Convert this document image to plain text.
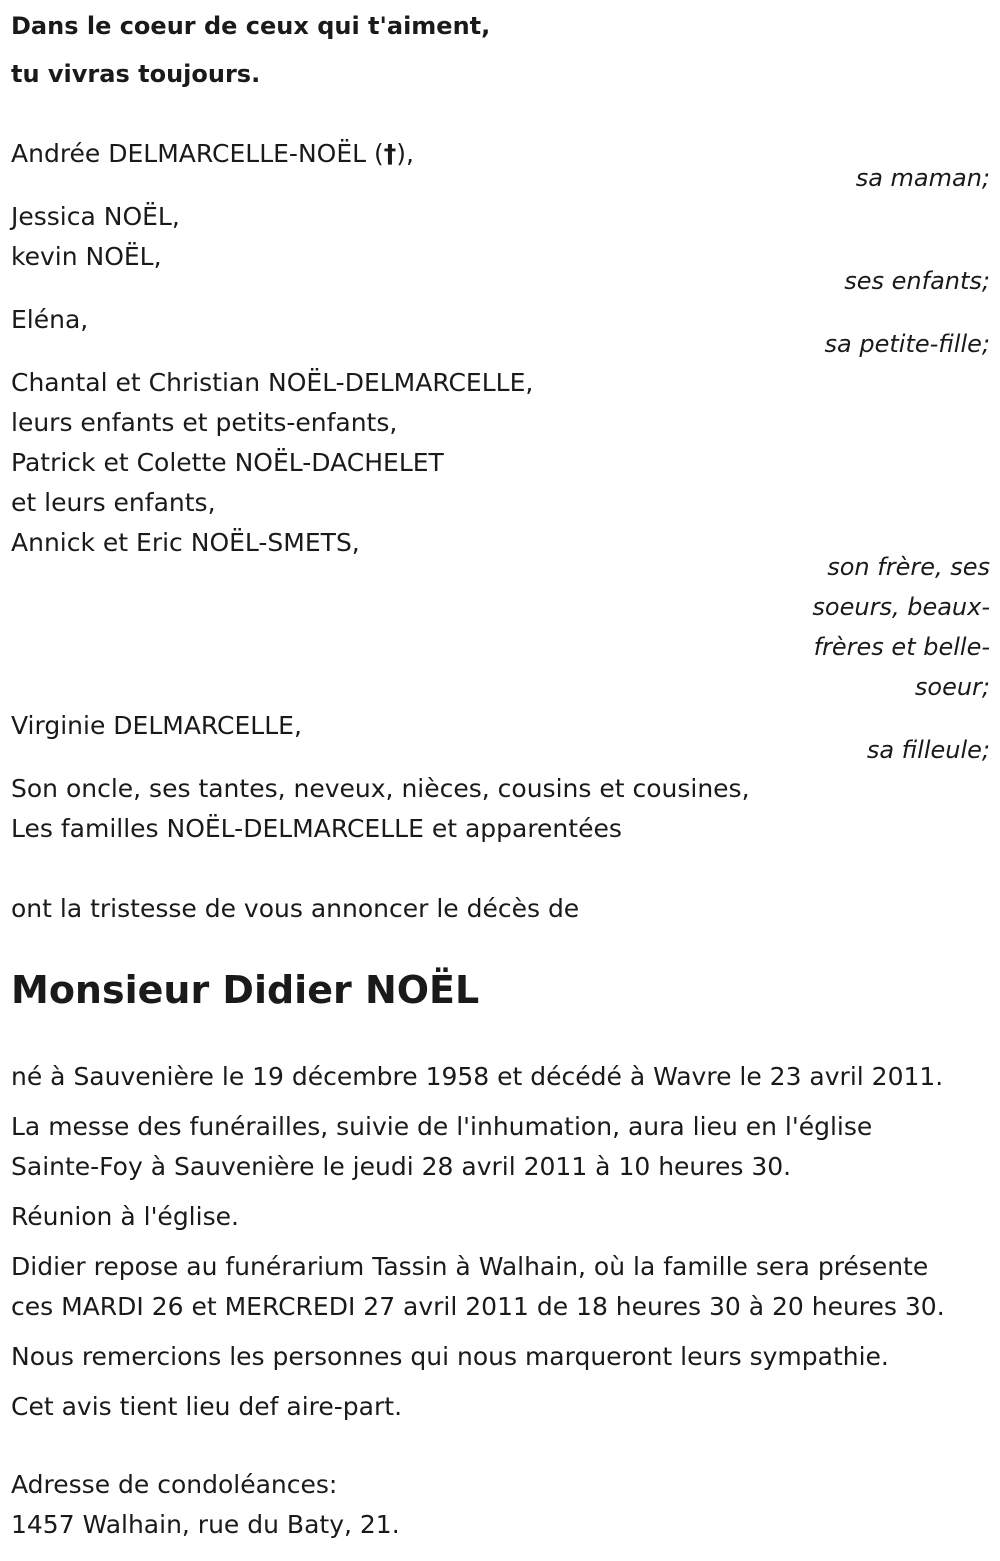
Dans le coeur de ceux qui t'aiment,
tu vivras toujours.
Andrée DELMARCELLE-NOËL (†),
sa maman;
Jessica NOËL,
kevin NOËL,
ses enfants;
Eléna,
sa petite-fille;
Chantal et Christian NOËL-DELMARCELLE,
leurs enfants et petits-enfants,
Patrick et Colette NOËL-DACHELET
et leurs enfants,
Annick et Eric NOËL-SMETS,
son frère, ses soeurs, beaux-frères et belle-soeur;
Virginie DELMARCELLE,
sa filleule;
Son oncle, ses tantes, neveux, nièces, cousins et cousines,
Les familles NOËL-DELMARCELLE et apparentées
ont la tristesse de vous annoncer le décès de
Monsieur Didier NOËL
né à Sauvenière le 19 décembre 1958 et décédé à Wavre le 23 avril 2011.
La messe des funérailles, suivie de l'inhumation, aura lieu en l'église
Sainte-Foy à Sauvenière le jeudi 28 avril 2011 à 10 heures 30.
Réunion à l'église.
Didier repose au funérarium Tassin à Walhain, où la famille sera présente
ces MARDI 26 et MERCREDI 27 avril 2011 de 18 heures 30 à 20 heures 30.
Nous remercions les personnes qui nous marqueront leurs sympathie.
Cet avis tient lieu def aire-part.
Adresse de condoléances:
1457 Walhain, rue du Baty, 21.
